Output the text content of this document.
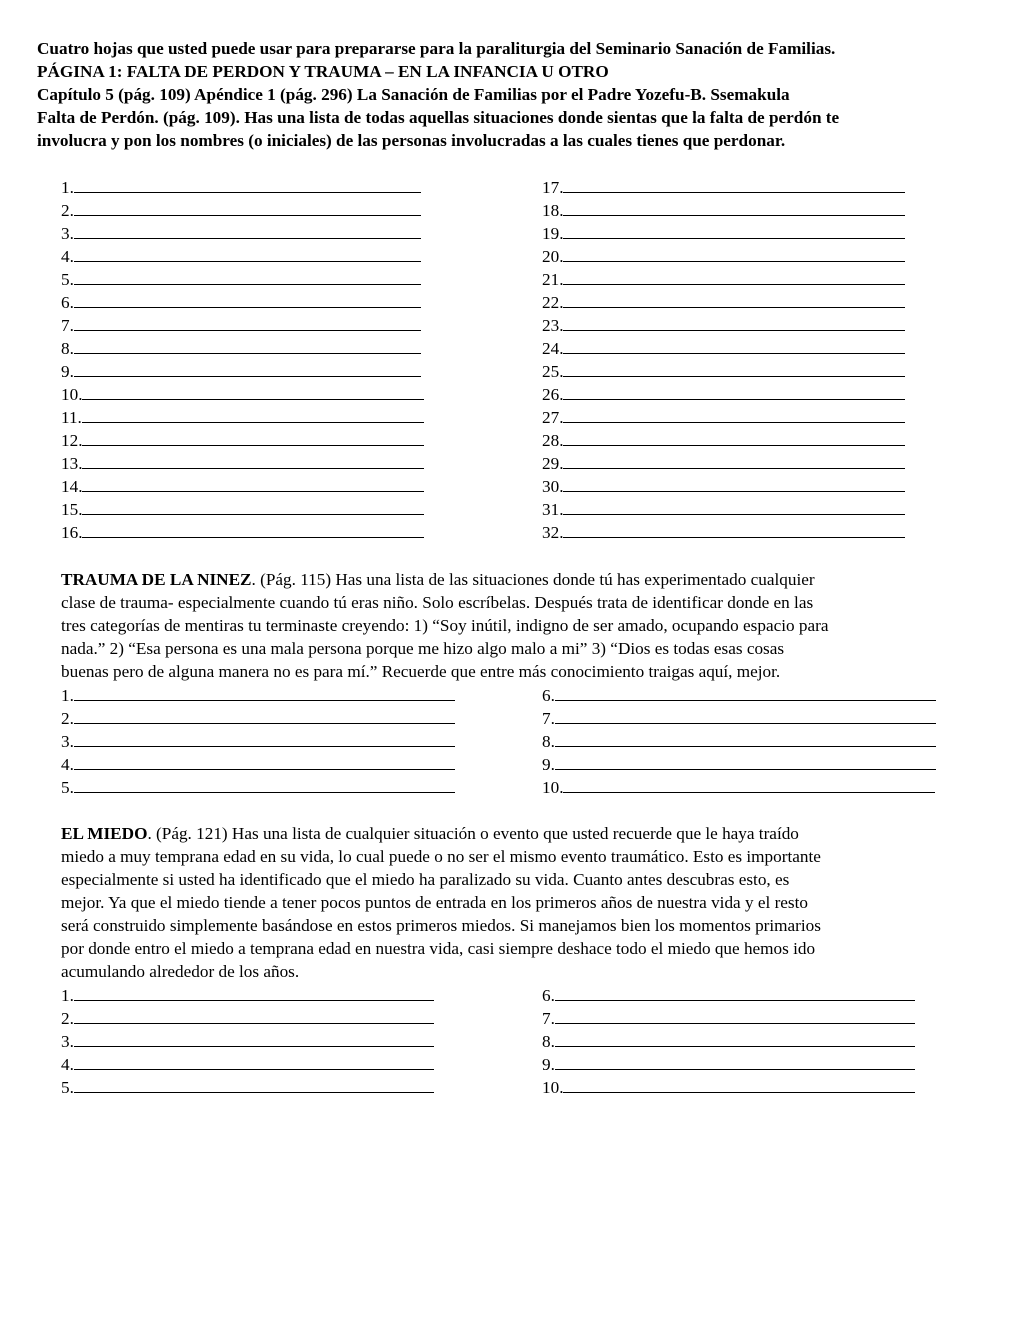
Cuatro hojas que usted puede usar para prepararse para la paraliturgia del Seminario Sanación de Familias.
PÁGINA 1: FALTA DE PERDON Y TRAUMA – EN LA INFANCIA U OTRO
Capítulo 5 (pág. 109) Apéndice 1 (pág. 296) La Sanación de Familias por el Padre Yozefu-B. Ssemakula
Falta de Perdón. (pág. 109). Has una lista de todas aquellas situaciones donde sientas que la falta de perdón te
involucra y pon los nombres (o iniciales) de las personas involucradas a las cuales tienes que perdonar.
1.
2.
3.
4.
5.
6.
7.
8.
9.
10.
11.
12.
13.
14.
15.
16.
17.
18.
19.
20.
21.
22.
23.
24.
25.
26.
27.
28.
29.
30.
31.
32.
TRAUMA DE LA NINEZ. (Pág. 115) Has una lista de las situaciones donde tú has experimentado cualquier
clase de trauma- especialmente cuando tú eras niño. Solo escríbelas. Después trata de identificar donde en las
tres categorías de mentiras tu terminaste creyendo: 1) “Soy inútil, indigno de ser amado, ocupando espacio para
nada.” 2) “Esa persona es una mala persona porque me hizo algo malo a mi” 3) “Dios es todas esas cosas
buenas pero de alguna manera no es para mí.” Recuerde que entre más conocimiento traigas aquí, mejor.
1.
2.
3.
4.
5.
6.
7.
8.
9.
10.
EL MIEDO. (Pág. 121) Has una lista de cualquier situación o evento que usted recuerde que le haya traído
miedo a muy temprana edad en su vida, lo cual puede o no ser el mismo evento traumático. Esto es importante
especialmente si usted ha identificado que el miedo ha paralizado su vida. Cuanto antes descubras esto, es
mejor. Ya que el miedo tiende a tener pocos puntos de entrada en los primeros años de nuestra vida y el resto
será construido simplemente basándose en estos primeros miedos. Si manejamos bien los momentos primarios
por donde entro el miedo a temprana edad en nuestra vida, casi siempre deshace todo el miedo que hemos ido
acumulando alrededor de los años.
1.
2.
3.
4.
5.
6.
7.
8.
9.
10.
